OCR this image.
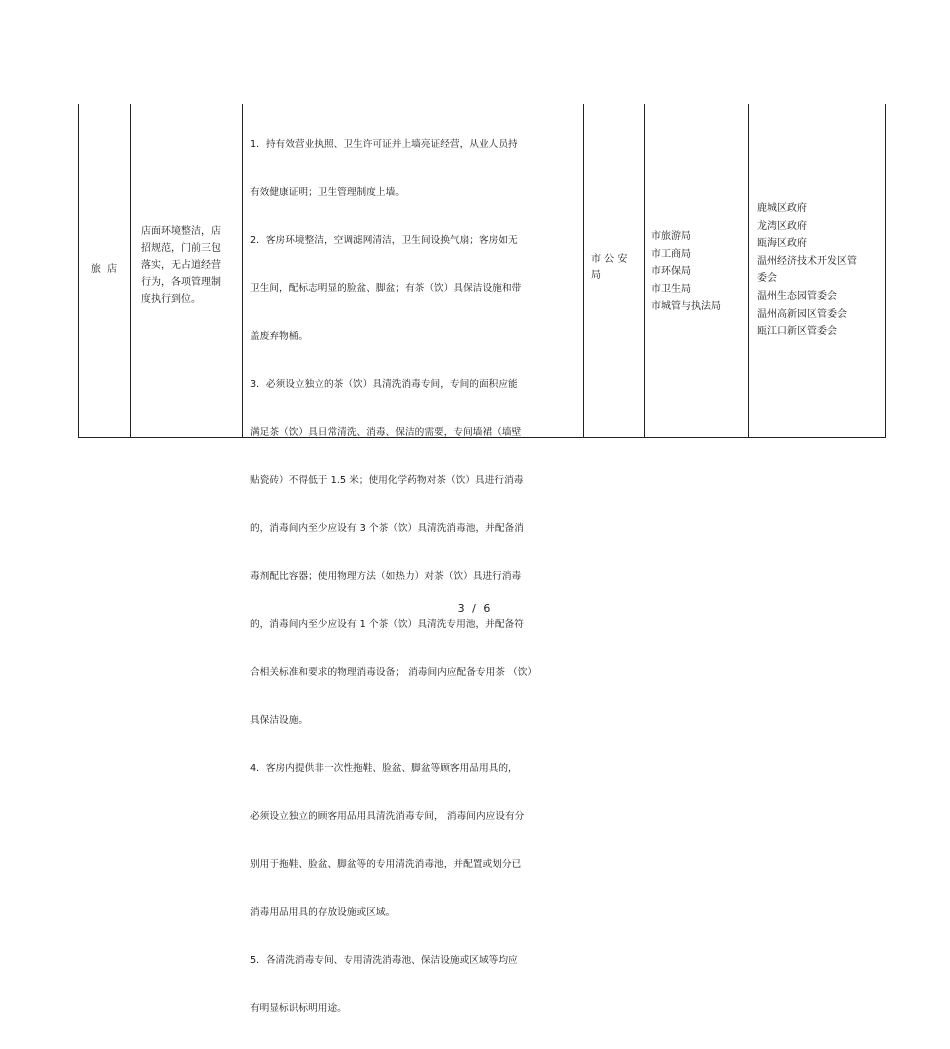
旅  店
店面环境整洁，店
招规范，门前三包
落实，无占道经营
行为，各项管理制
度执行到位。

1．持有效营业执照、卫生许可证并上墙亮证经营，从业人员持

有效健康证明；卫生管理制度上墙。

2．客房环境整洁，空调滤网清洁，卫生间设换气扇；客房如无

卫生间，配标志明显的脸盆、脚盆；有茶（饮）具保洁设施和带

盖废弃物桶。

3．必须设立独立的茶（饮）具清洗消毒专间，专间的面积应能

满足茶（饮）具日常清洗、消毒、保洁的需要，专间墙裙（墙壁

贴瓷砖）不得低于 1.5 米；使用化学药物对茶（饮）具进行消毒

的，消毒间内至少应设有 3 个茶（饮）具清洗消毒池，并配备消

毒剂配比容器；使用物理方法（如热力）对茶（饮）具进行消毒

的，消毒间内至少应设有 1 个茶（饮）具清洗专用池，并配备符

合相关标准和要求的物理消毒设备； 消毒间内应配备专用茶 （饮）

具保洁设施。

4．客房内提供非一次性拖鞋、脸盆、脚盆等顾客用品用具的，

必须设立独立的顾客用品用具清洗消毒专间， 消毒间内应设有分

别用于拖鞋、脸盆、脚盆等的专用清洗消毒池，并配置或划分已

消毒用品用具的存放设施或区域。

5．各清洗消毒专间、专用清洗消毒池、保洁设施或区域等均应

有明显标识标明用途。

市 公 安
局
市旅游局
市工商局
市环保局
市卫生局
市城管与执法局
鹿城区政府
龙湾区政府
瓯海区政府
温州经济技术开发区管
委会
温州生态园管委会
温州高新园区管委会
瓯江口新区管委会
3 / 6
